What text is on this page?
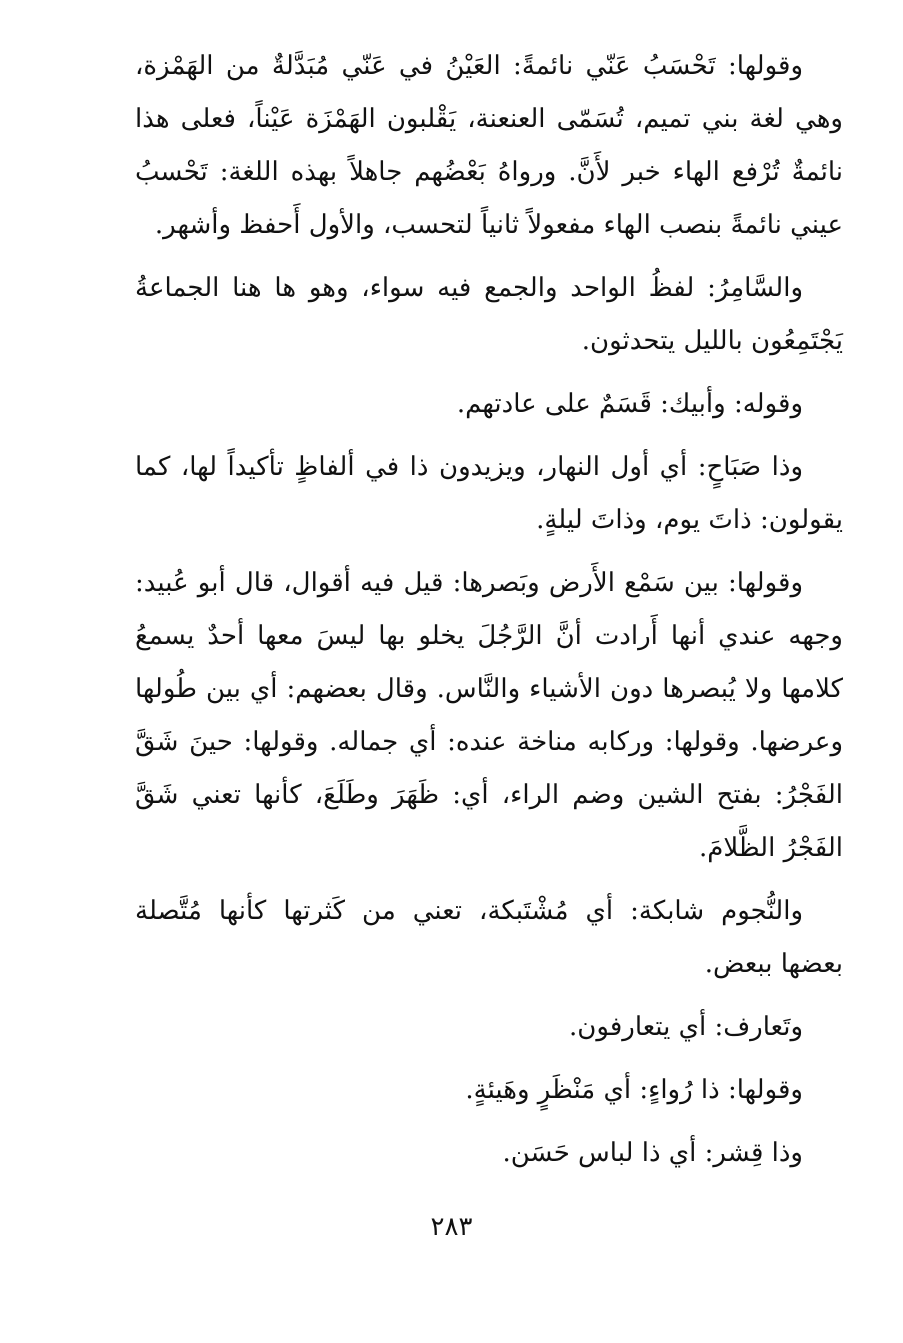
وقولها: تَحْسَبُ عَنّي نائمةً: العَيْنُ في عَنّي مُبَدَّلةٌ من الهَمْزة، وهي لغة بني تميم، تُسَمّى العنعنة، يَقْلبون الهَمْزَة عَيْناً، فعلى هذا نائمةٌ تُرْفع الهاء خبر لأَنَّ. ورواهُ بَعْضُهم جاهلاً بهذه اللغة: تَحْسبُ عيني نائمةً بنصب الهاء مفعولاً ثانياً لتحسب، والأول أَحفظ وأشهر.

والسَّامِرُ: لفظُ الواحد والجمع فيه سواء، وهو ها هنا الجماعةُ يَجْتَمِعُون بالليل يتحدثون.

وقوله: وأبيك: قَسَمٌ على عادتهم.

وذا صَبَاحٍ: أي أول النهار، ويزيدون ذا في ألفاظٍ تأكيداً لها، كما يقولون: ذاتَ يوم، وذاتَ ليلةٍ.

وقولها: بين سَمْع الأَرض وبَصرها: قيل فيه أقوال، قال أبو عُبيد: وجهه عندي أنها أَرادت أنَّ الرَّجُلَ يخلو بها ليسَ معها أحدٌ يسمعُ كلامها ولا يُبصرها دون الأشياء والنَّاس. وقال بعضهم: أي بين طُولها وعرضها. وقولها: وركابه مناخة عنده: أي جماله. وقولها: حينَ شَقَّ الفَجْرُ: بفتح الشين وضم الراء، أي: ظَهَرَ وطَلَعَ، كأنها تعني شَقَّ الفَجْرُ الظَّلامَ.

والنُّجوم شابكة: أي مُشْتَبكة، تعني من كَثرتها كأنها مُتَّصلة بعضها ببعض.

وتَعارف: أي يتعارفون.

وقولها: ذا رُواءٍ: أي مَنْظَرٍ وهَيئةٍ.

وذا قِشر: أي ذا لباس حَسَن.

٢٨٣
